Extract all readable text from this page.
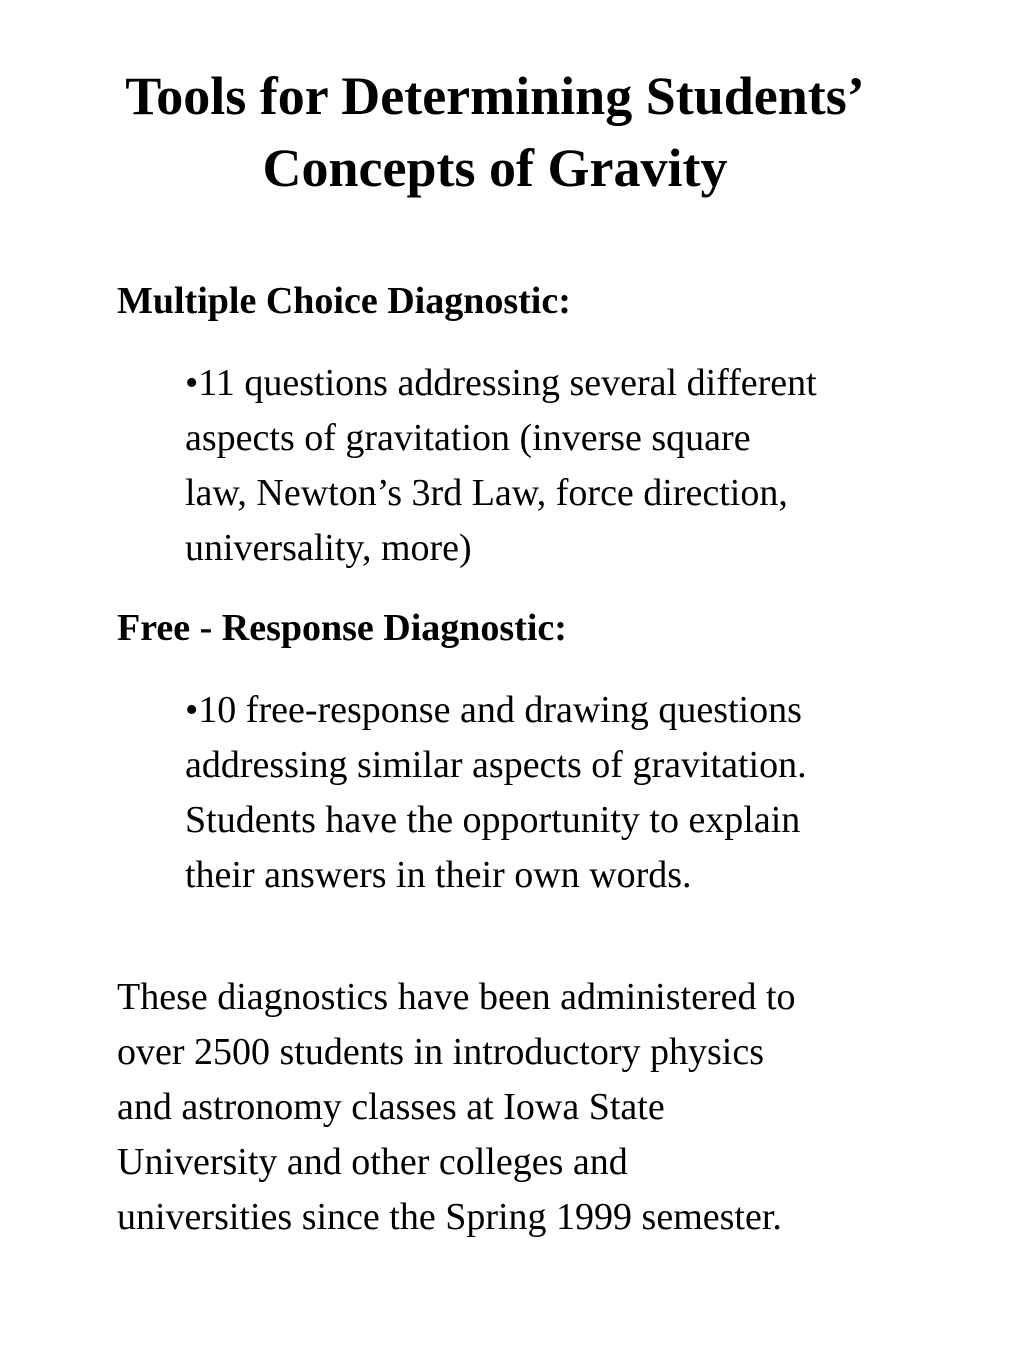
Tools for Determining Students’
Concepts of Gravity
Multiple Choice Diagnostic:
•11 questions addressing several different
aspects of gravitation (inverse square
law, Newton’s 3rd Law, force direction,
universality, more)
Free - Response Diagnostic:
•10 free-response and drawing questions
addressing similar aspects of gravitation.
Students have the opportunity to explain
their answers in their own words.
These diagnostics have been administered to
over 2500 students in introductory physics
and astronomy classes at Iowa State
University and other colleges and
universities since the Spring 1999 semester.
